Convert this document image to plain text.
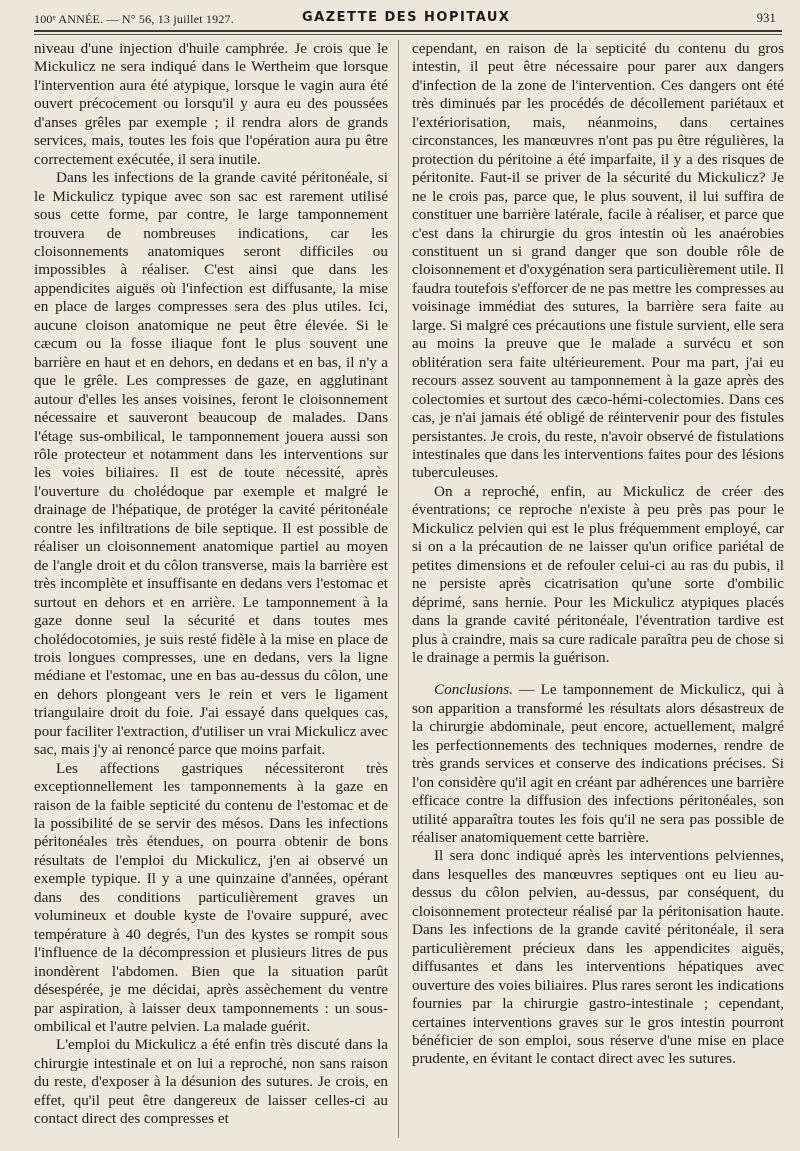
100ᵉ ANNÉE. — N° 56, 13 juillet 1927.	GAZETTE DES HOPITAUX	931

niveau d'une injection d'huile camphrée. Je crois que le Mickulicz ne sera indiqué dans le Wertheim que lorsque l'intervention aura été atypique, lorsque le vagin aura été ouvert précocement ou lorsqu'il y aura eu des poussées d'anses grêles par exemple ; il rendra alors de grands services, mais, toutes les fois que l'opération aura pu être correctement exécutée, il sera inutile.

Dans les infections de la grande cavité péritonéale, si le Mickulicz typique avec son sac est rarement utilisé sous cette forme, par contre, le large tamponnement trouvera de nombreuses indications, car les cloisonnements anatomiques seront difficiles ou impossibles à réaliser. C'est ainsi que dans les appendicites aiguës où l'infection est diffusante, la mise en place de larges compresses sera des plus utiles. Ici, aucune cloison anatomique ne peut être élevée. Si le cæcum ou la fosse iliaque font le plus souvent une barrière en haut et en dehors, en dedans et en bas, il n'y a que le grêle. Les compresses de gaze, en agglutinant autour d'elles les anses voisines, feront le cloisonnement nécessaire et sauveront beaucoup de malades. Dans l'étage sus-ombilical, le tamponnement jouera aussi son rôle protecteur et notamment dans les interventions sur les voies biliaires. Il est de toute nécessité, après l'ouverture du cholédoque par exemple et malgré le drainage de l'hépatique, de protéger la cavité péritonéale contre les infiltrations de bile septique. Il est possible de réaliser un cloisonnement anatomique partiel au moyen de l'angle droit et du côlon transverse, mais la barrière est très incomplète et insuffisante en dedans vers l'estomac et surtout en dehors et en arrière. Le tamponnement à la gaze donne seul la sécurité et dans toutes mes cholédocotomies, je suis resté fidèle à la mise en place de trois longues compresses, une en dedans, vers la ligne médiane et l'estomac, une en bas au-dessus du côlon, une en dehors plongeant vers le rein et vers le ligament triangulaire droit du foie. J'ai essayé dans quelques cas, pour faciliter l'extraction, d'utiliser un vrai Mickulicz avec sac, mais j'y ai renoncé parce que moins parfait.

Les affections gastriques nécessiteront très exceptionnellement les tamponnements à la gaze en raison de la faible septicité du contenu de l'estomac et de la possibilité de se servir des mésos. Dans les infections péritonéales très étendues, on pourra obtenir de bons résultats de l'emploi du Mickulicz, j'en ai observé un exemple typique. Il y a une quinzaine d'années, opérant dans des conditions particulièrement graves un volumineux et double kyste de l'ovaire suppuré, avec température à 40 degrés, l'un des kystes se rompit sous l'influence de la décompression et plusieurs litres de pus inondèrent l'abdomen. Bien que la situation parût désespérée, je me décidai, après assèchement du ventre par aspiration, à laisser deux tamponnements : un sous-ombilical et l'autre pelvien. La malade guérit.

L'emploi du Mickulicz a été enfin très discuté dans la chirurgie intestinale et on lui a reproché, non sans raison du reste, d'exposer à la désunion des sutures. Je crois, en effet, qu'il peut être dangereux de laisser celles-ci au contact direct des compresses et

cependant, en raison de la septicité du contenu du gros intestin, il peut être nécessaire pour parer aux dangers d'infection de la zone de l'intervention. Ces dangers ont été très diminués par les procédés de décollement pariétaux et l'extériorisation, mais, néanmoins, dans certaines circonstances, les manœuvres n'ont pas pu être régulières, la protection du péritoine a été imparfaite, il y a des risques de péritonite. Faut-il se priver de la sécurité du Mickulicz? Je ne le crois pas, parce que, le plus souvent, il lui suffira de constituer une barrière latérale, facile à réaliser, et parce que c'est dans la chirurgie du gros intestin où les anaérobies constituent un si grand danger que son double rôle de cloisonnement et d'oxygénation sera particulièrement utile. Il faudra toutefois s'efforcer de ne pas mettre les compresses au voisinage immédiat des sutures, la barrière sera faite au large. Si malgré ces précautions une fistule survient, elle sera au moins la preuve que le malade a survécu et son oblitération sera faite ultérieurement. Pour ma part, j'ai eu recours assez souvent au tamponnement à la gaze après des colectomies et surtout des cæco-hémi-colectomies. Dans ces cas, je n'ai jamais été obligé de réintervenir pour des fistules persistantes. Je crois, du reste, n'avoir observé de fistulations intestinales que dans les interventions faites pour des lésions tuberculeuses.

On a reproché, enfin, au Mickulicz de créer des éventrations; ce reproche n'existe à peu près pas pour le Mickulicz pelvien qui est le plus fréquemment employé, car si on a la précaution de ne laisser qu'un orifice pariétal de petites dimensions et de refouler celui-ci au ras du pubis, il ne persiste après cicatrisation qu'une sorte d'ombilic déprimé, sans hernie. Pour les Mickulicz atypiques placés dans la grande cavité péritonéale, l'éventration tardive est plus à craindre, mais sa cure radicale paraîtra peu de chose si le drainage a permis la guérison.

Conclusions. — Le tamponnement de Mickulicz, qui à son apparition a transformé les résultats alors désastreux de la chirurgie abdominale, peut encore, actuellement, malgré les perfectionnements des techniques modernes, rendre de très grands services et conserve des indications précises. Si l'on considère qu'il agit en créant par adhérences une barrière efficace contre la diffusion des infections péritonéales, son utilité apparaîtra toutes les fois qu'il ne sera pas possible de réaliser anatomiquement cette barrière.

Il sera donc indiqué après les interventions pelviennes, dans lesquelles des manœuvres septiques ont eu lieu au-dessus du côlon pelvien, au-dessus, par conséquent, du cloisonnement protecteur réalisé par la péritonisation haute. Dans les infections de la grande cavité péritonéale, il sera particulièrement précieux dans les appendicites aiguës, diffusantes et dans les interventions hépatiques avec ouverture des voies biliaires. Plus rares seront les indications fournies par la chirurgie gastro-intestinale ; cependant, certaines interventions graves sur le gros intestin pourront bénéficier de son emploi, sous réserve d'une mise en place prudente, en évitant le contact direct avec les sutures.
